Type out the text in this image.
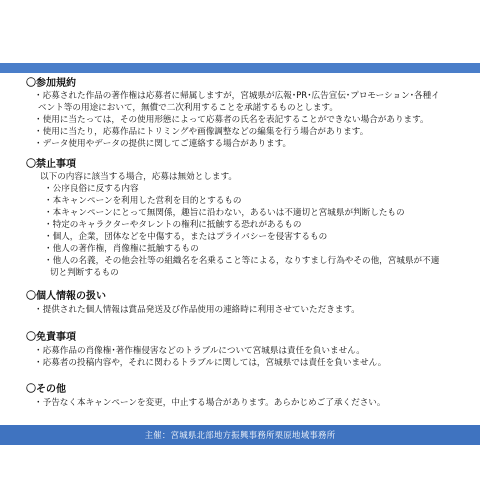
〇参加規約
・応募された作品の著作権は応募者に帰属しますが，宮城県が広報･PR･広告宣伝･プロモーション･各種イ
ベント等の用途において，無償で二次利用することを承諾するものとします。
・使用に当たっては，その使用形態によって応募者の氏名を表記することができない場合があります。
・使用に当たり，応募作品にトリミングや画像調整などの編集を行う場合があります。
・データ使用やデータの提供に関してご連絡する場合があります。
〇禁止事項
以下の内容に該当する場合，応募は無効とします。
・公序良俗に反する内容
・本キャンペーンを利用した営利を目的とするもの
・本キャンペーンにとって無関係，趣旨に沿わない，あるいは不適切と宮城県が判断したもの
・特定のキャラクターやタレントの権利に抵触する恐れがあるもの
・個人，企業，団体などを中傷する，またはプライバシーを侵害するもの
・他人の著作権，肖像権に抵触するもの
・他人の名義，その他会社等の組織名を名乗ること等による，なりすまし行為やその他，宮城県が不適
切と判断するもの
〇個人情報の扱い
・提供された個人情報は賞品発送及び作品使用の連絡時に利用させていただきます。
〇免責事項
・応募作品の肖像権･著作権侵害などのトラブルについて宮城県は責任を負いません。
・応募者の投稿内容や，それに関わるトラブルに関しては，宮城県では責任を負いません。
〇その他
・予告なく本キャンペーンを変更，中止する場合があります。あらかじめご了承ください。
主催：宮城県北部地方振興事務所栗原地域事務所
